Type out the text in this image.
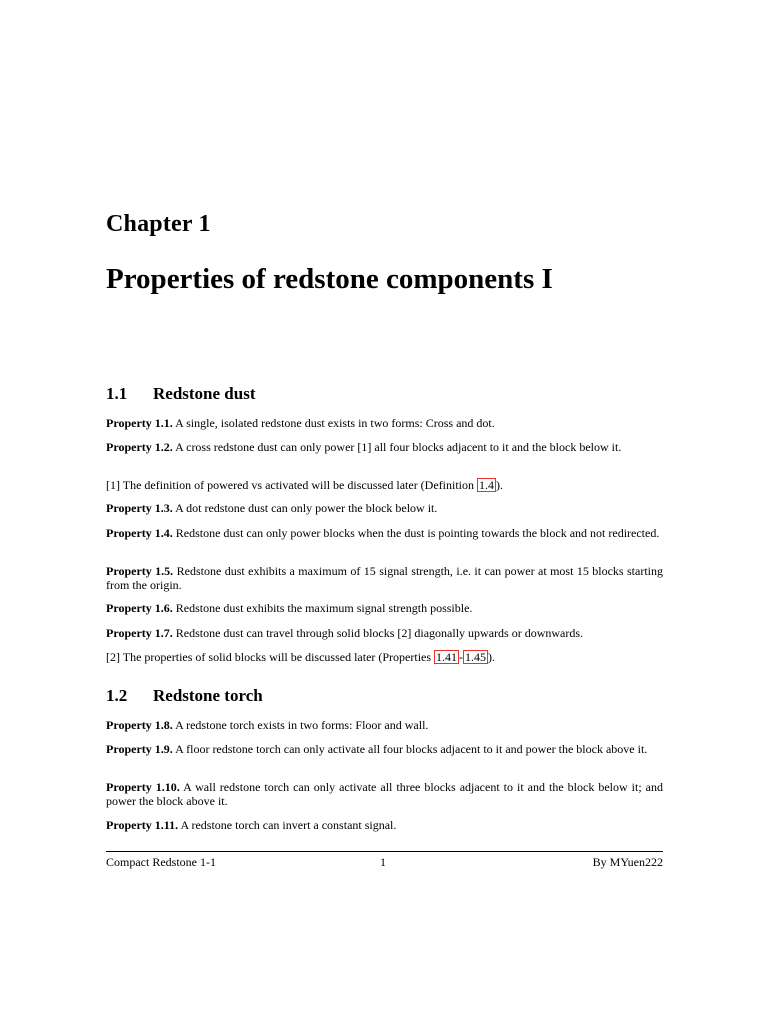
Chapter 1
Properties of redstone components I
1.1 Redstone dust

Property 1.1. A single, isolated redstone dust exists in two forms: Cross and dot.

Property 1.2. A cross redstone dust can only power [1] all four blocks adjacent to it and the block below it.

[1] The definition of powered vs activated will be discussed later (Definition 1.4 ).

Property 1.3. A dot redstone dust can only power the block below it.

Property 1.4. Redstone dust can only power blocks when the dust is pointing towards the block and not redirected.

Property 1.5. Redstone dust exhibits a maximum of 15 signal strength, i.e. it can power at most 15 blocks starting from the origin.

Property 1.6. Redstone dust exhibits the maximum signal strength possible.

Property 1.7. Redstone dust can travel through solid blocks [2] diagonally upwards or downwards.

[2] The properties of solid blocks will be discussed later (Properties 1.41 - 1.45 ).

1.2 Redstone torch

Property 1.8. A redstone torch exists in two forms: Floor and wall.

Property 1.9. A floor redstone torch can only activate all four blocks adjacent to it and power the block above it.

Property 1.10. A wall redstone torch can only activate all three blocks adjacent to it and the block below it; and power the block above it.

Property 1.11. A redstone torch can invert a constant signal.

Compact Redstone 1-1	1	By MYuen222
